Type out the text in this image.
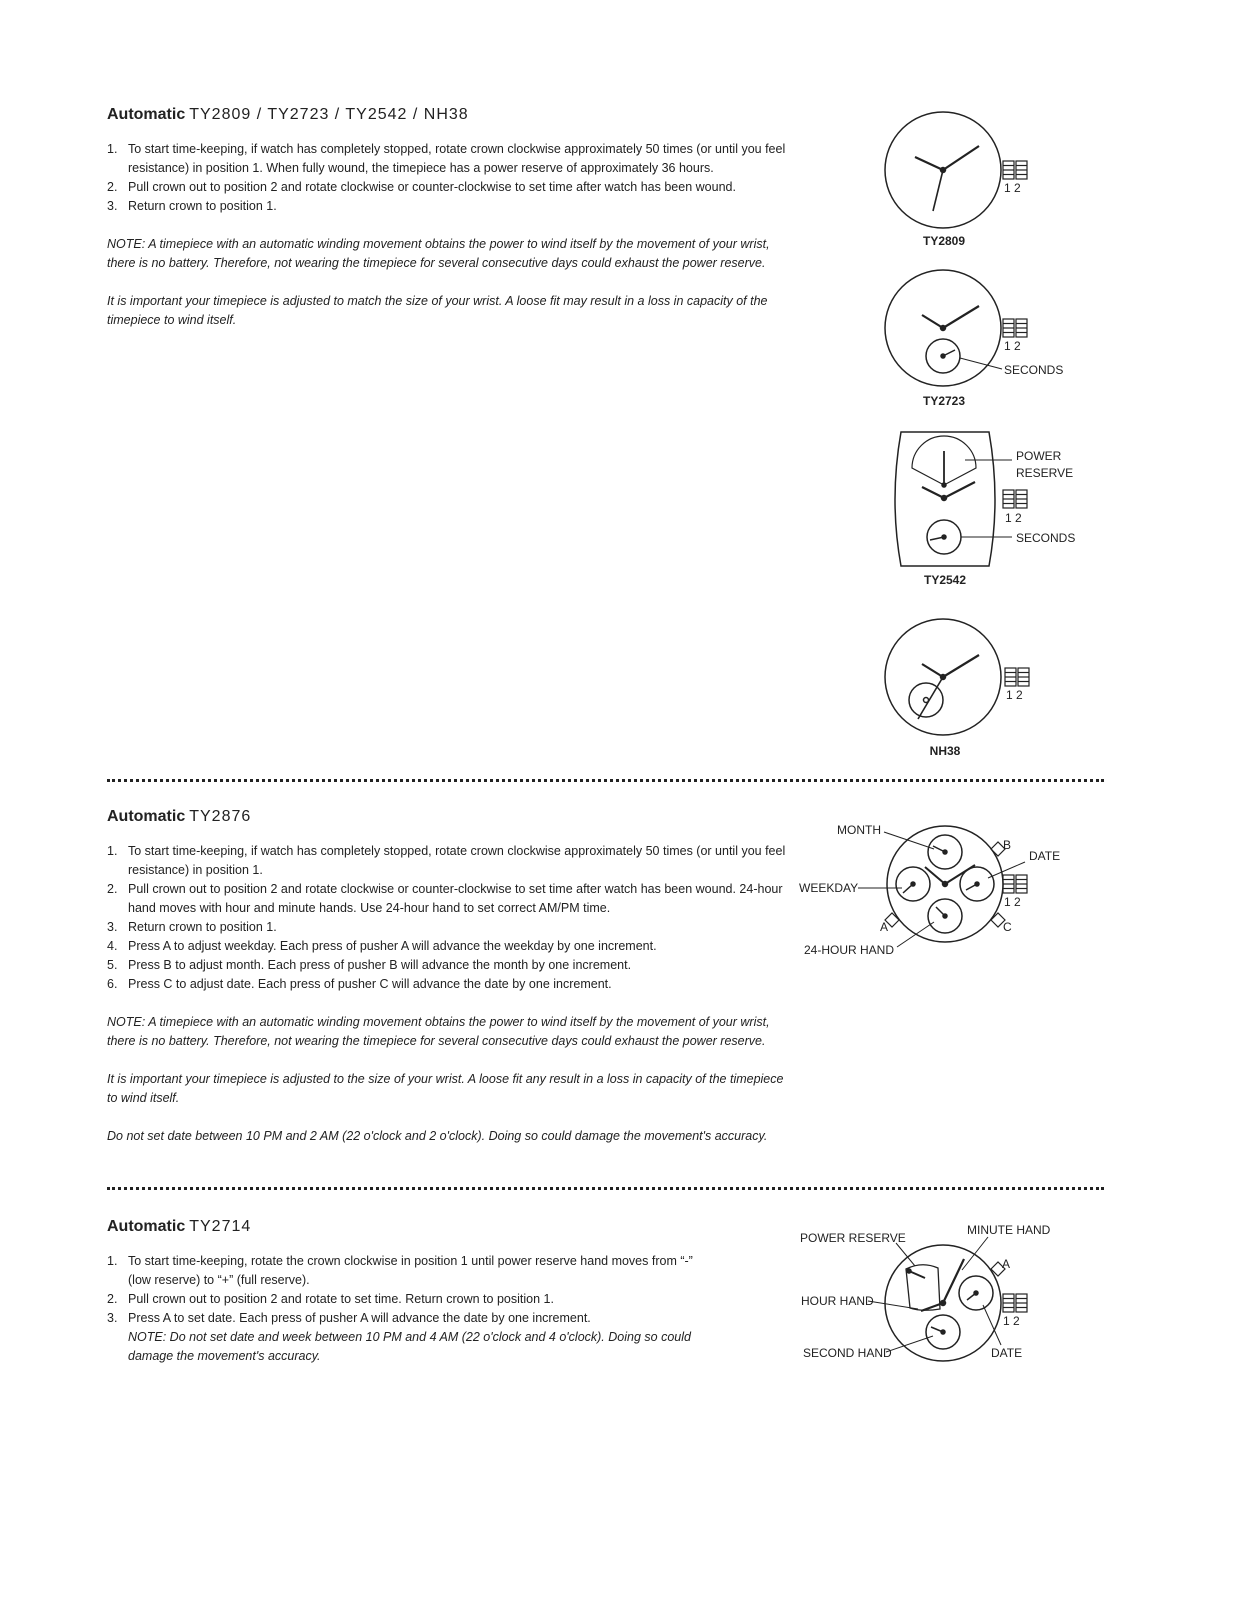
Automatic TY2809 / TY2723 / TY2542 / NH38
1. To start time-keeping, if watch has completely stopped, rotate crown clockwise approximately 50 times (or until you feel resistance) in position 1. When fully wound, the timepiece has a power reserve of approximately 36 hours.
2. Pull crown out to position 2 and rotate clockwise or counter-clockwise to set time after watch has been wound.
3. Return crown to position 1.

NOTE: A timepiece with an automatic winding movement obtains the power to wind itself by the movement of your wrist, there is no battery. Therefore, not wearing the timepiece for several consecutive days could exhaust the power reserve.

It is important your timepiece is adjusted to match the size of your wrist. A loose fit may result in a loss in capacity of the timepiece to wind itself.

Automatic TY2876
1. To start time-keeping, if watch has completely stopped, rotate crown clockwise approximately 50 times (or until you feel resistance) in position 1.
2. Pull crown out to position 2 and rotate clockwise or counter-clockwise to set time after watch has been wound. 24-hour hand moves with hour and minute hands. Use 24-hour hand to set correct AM/PM time.
3. Return crown to position 1.
4. Press A to adjust weekday. Each press of pusher A will advance the weekday by one increment.
5. Press B to adjust month. Each press of pusher B will advance the month by one increment.
6. Press C to adjust date. Each press of pusher C will advance the date by one increment.

NOTE: A timepiece with an automatic winding movement obtains the power to wind itself by the movement of your wrist, there is no battery. Therefore, not wearing the timepiece for several consecutive days could exhaust the power reserve.

It is important your timepiece is adjusted to the size of your wrist. A loose fit any result in a loss in capacity of the timepiece to wind itself.

Do not set date between 10 PM and 2 AM (22 o'clock and 2 o'clock). Doing so could damage the movement's accuracy.

Automatic TY2714
1. To start time-keeping, rotate the crown clockwise in position 1 until power reserve hand moves from “-” (low reserve) to “+” (full reserve).
2. Pull crown out to position 2 and rotate to set time. Return crown to position 1.
3. Press A to set date. Each press of pusher A will advance the date by one increment.
NOTE: Do not set date and week between 10 PM and 4 AM (22 o'clock and 4 o'clock). Doing so could damage the movement's accuracy.
1 2
TY2809
1 2
SECONDS
TY2723
1 2
POWER
RESERVE
SECONDS
TY2542
1 2
NH38
1 2
MONTH
DATE
WEEKDAY
24-HOUR HAND
B
C
A
1 2
POWER RESERVE
MINUTE HAND
HOUR HAND
SECOND HAND	DATE
A
